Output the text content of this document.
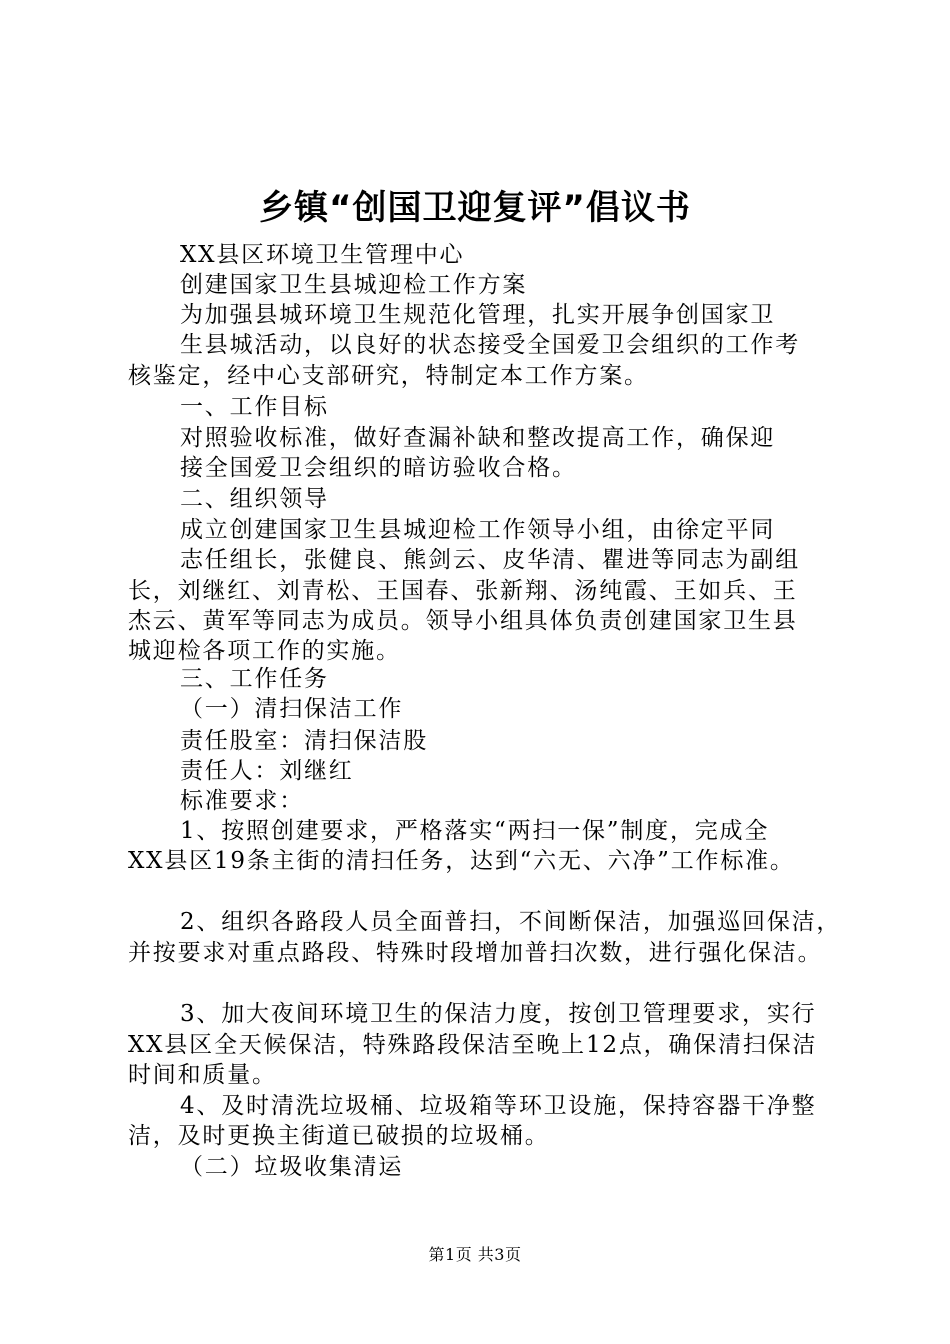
乡镇“创国卫迎复评”倡议书
XX县区环境卫生管理中心
创建国家卫生县城迎检工作方案
为加强县城环境卫生规范化管理，扎实开展争创国家卫
生县城活动，以良好的状态接受全国爱卫会组织的工作考
核鉴定，经中心支部研究，特制定本工作方案。
一、工作目标
对照验收标准，做好查漏补缺和整改提高工作，确保迎
接全国爱卫会组织的暗访验收合格。
二、组织领导
成立创建国家卫生县城迎检工作领导小组，由徐定平同
志任组长，张健良、熊剑云、皮华清、瞿进等同志为副组
长，刘继红、刘青松、王国春、张新翔、汤纯霞、王如兵、王
杰云、黄军等同志为成员。领导小组具体负责创建国家卫生县
城迎检各项工作的实施。
三、工作任务
（一）清扫保洁工作
责任股室：清扫保洁股
责任人：刘继红
标准要求：
1、按照创建要求，严格落实“两扫一保”制度，完成全
XX县区19条主街的清扫任务，达到“六无、六净”工作标准。
2、组织各路段人员全面普扫，不间断保洁，加强巡回保洁，
并按要求对重点路段、特殊时段增加普扫次数，进行强化保洁。
3、加大夜间环境卫生的保洁力度，按创卫管理要求，实行
XX县区全天候保洁，特殊路段保洁至晚上12点，确保清扫保洁
时间和质量。
4、及时清洗垃圾桶、垃圾箱等环卫设施，保持容器干净整
洁，及时更换主街道已破损的垃圾桶。
（二）垃圾收集清运
第1页 共3页
